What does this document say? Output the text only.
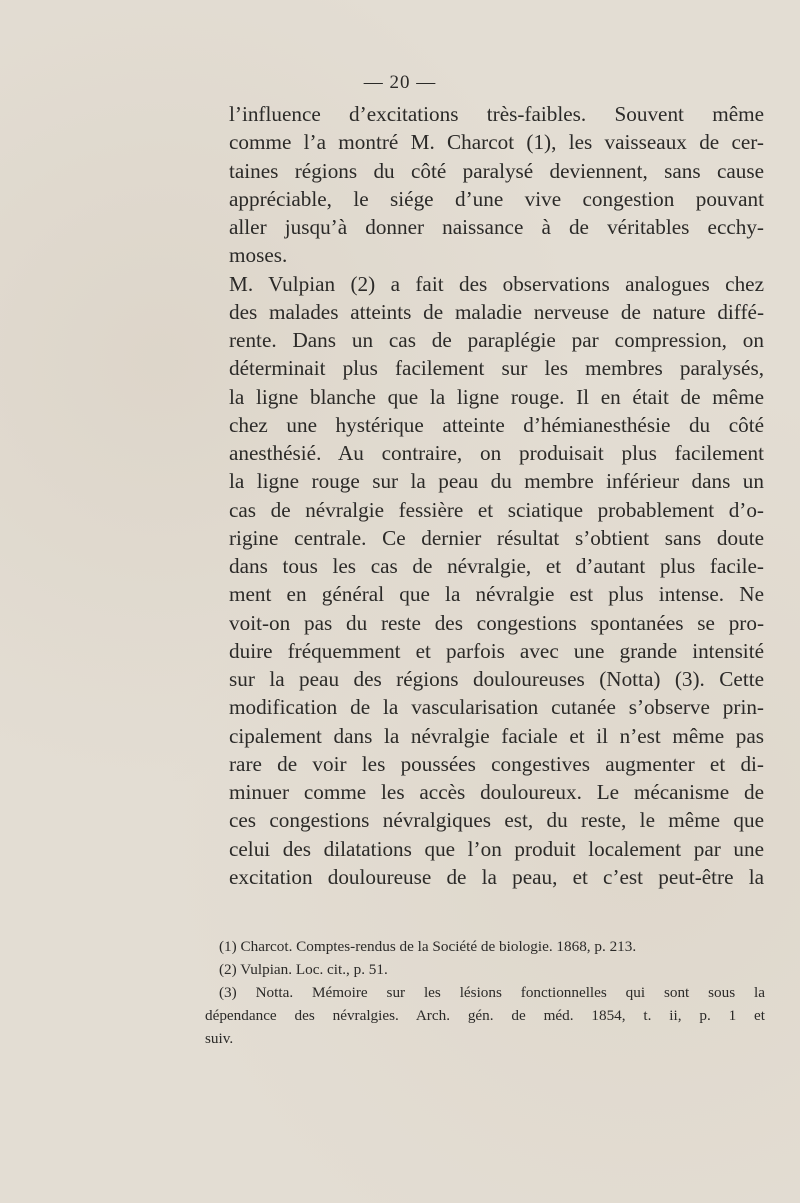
— 20 —
l’influence d’excitations très-faibles. Souvent même
comme l’a montré M. Charcot (1), les vaisseaux de cer-
taines régions du côté paralysé deviennent, sans cause
appréciable, le siége d’une vive congestion pouvant
aller jusqu’à donner naissance à de véritables ecchy-
moses.
M. Vulpian (2) a fait des observations analogues chez
des malades atteints de maladie nerveuse de nature diffé-
rente. Dans un cas de paraplégie par compression, on
déterminait plus facilement sur les membres paralysés,
la ligne blanche que la ligne rouge. Il en était de même
chez une hystérique atteinte d’hémianesthésie du côté
anesthésié. Au contraire, on produisait plus facilement
la ligne rouge sur la peau du membre inférieur dans un
cas de névralgie fessière et sciatique probablement d’o-
rigine centrale. Ce dernier résultat s’obtient sans doute
dans tous les cas de névralgie, et d’autant plus facile-
ment en général que la névralgie est plus intense. Ne
voit-on pas du reste des congestions spontanées se pro-
duire fréquemment et parfois avec une grande intensité
sur la peau des régions douloureuses (Notta) (3). Cette
modification de la vascularisation cutanée s’observe prin-
cipalement dans la névralgie faciale et il n’est même pas
rare de voir les poussées congestives augmenter et di-
minuer comme les accès douloureux. Le mécanisme de
ces congestions névralgiques est, du reste, le même que
celui des dilatations que l’on produit localement par une
excitation douloureuse de la peau, et c’est peut-être la
(1) Charcot. Comptes-rendus de la Société de biologie. 1868, p. 213.
(2) Vulpian. Loc. cit., p. 51.
(3) Notta. Mémoire sur les lésions fonctionnelles qui sont sous la
dépendance des névralgies. Arch. gén. de méd. 1854, t. ii, p. 1 et
suiv.
